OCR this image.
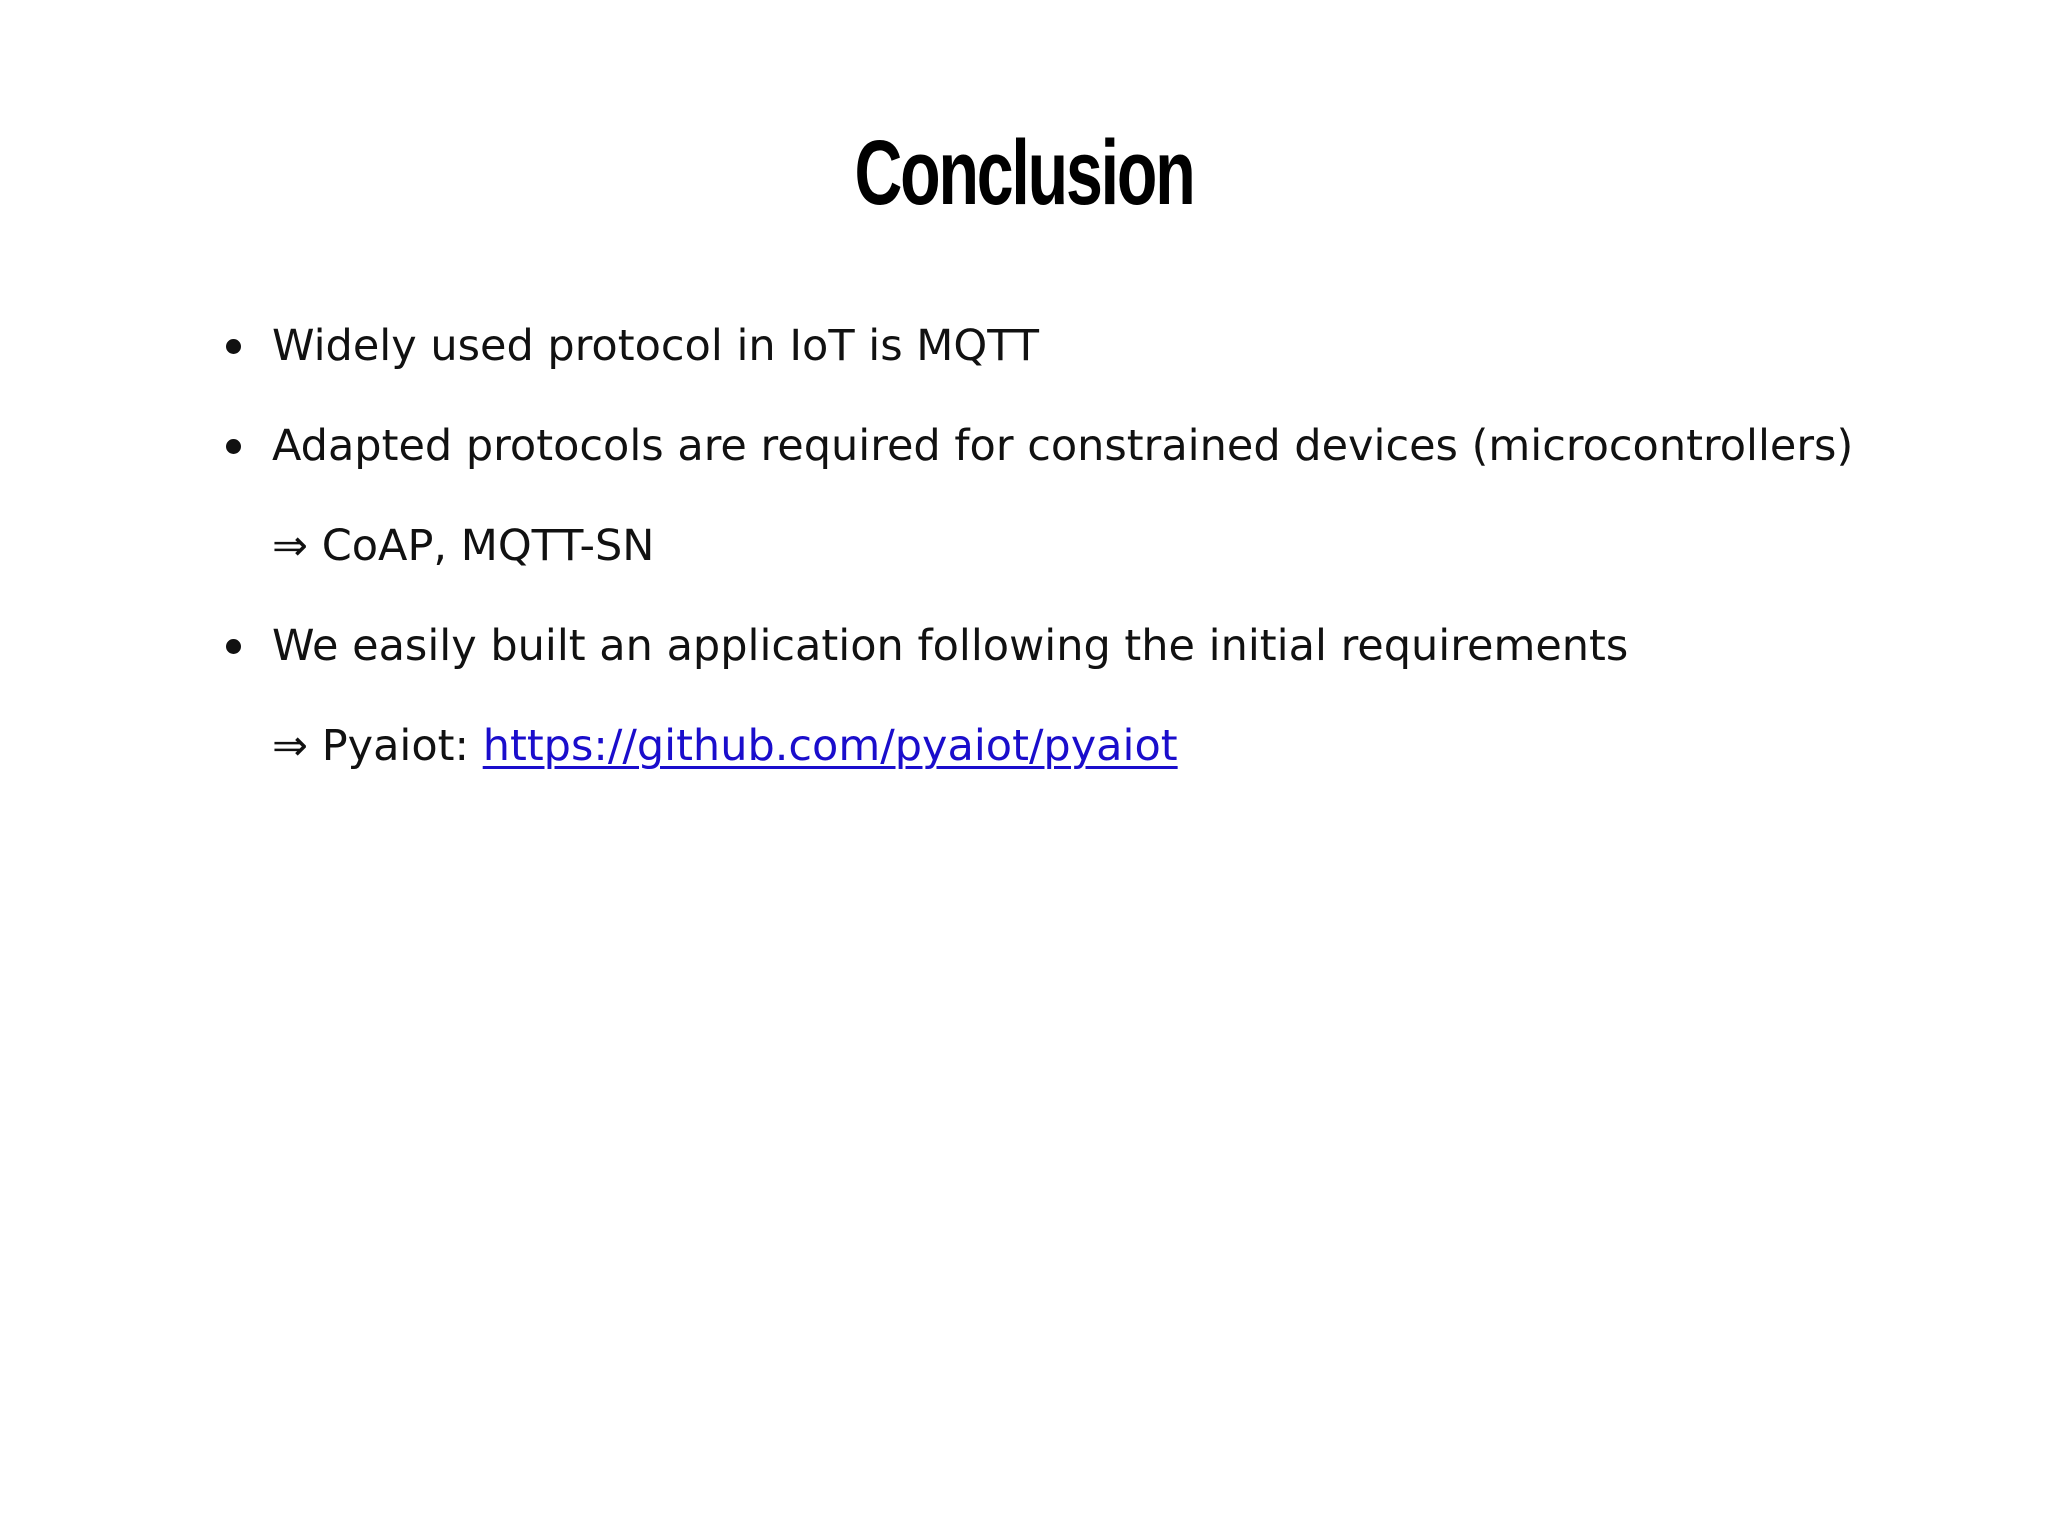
Conclusion
Widely used protocol in IoT is MQTT
Adapted protocols are required for constrained devices (microcontrollers)
⇒ CoAP, MQTT-SN
We easily built an application following the initial requirements
⇒ Pyaiot: https://github.com/pyaiot/pyaiot
